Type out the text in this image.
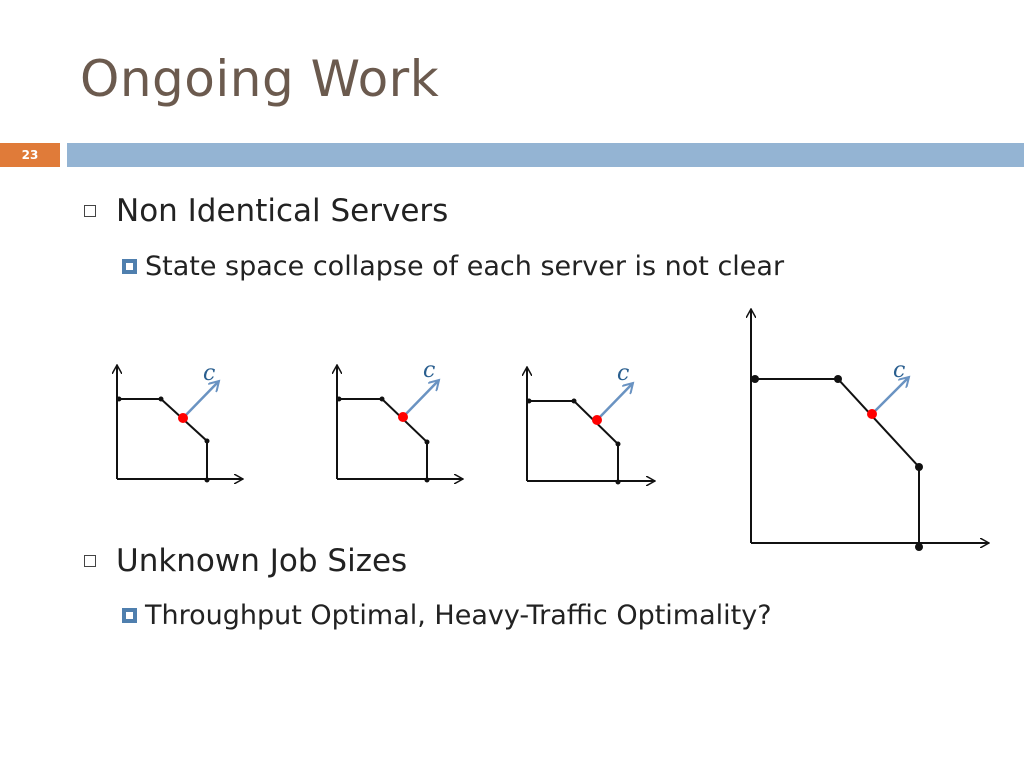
Ongoing Work
23
Non Identical Servers
State space collapse of each server is not clear
Unknown Job Sizes
Throughput Optimal, Heavy-Traffic Optimality?
c	c	c	c
